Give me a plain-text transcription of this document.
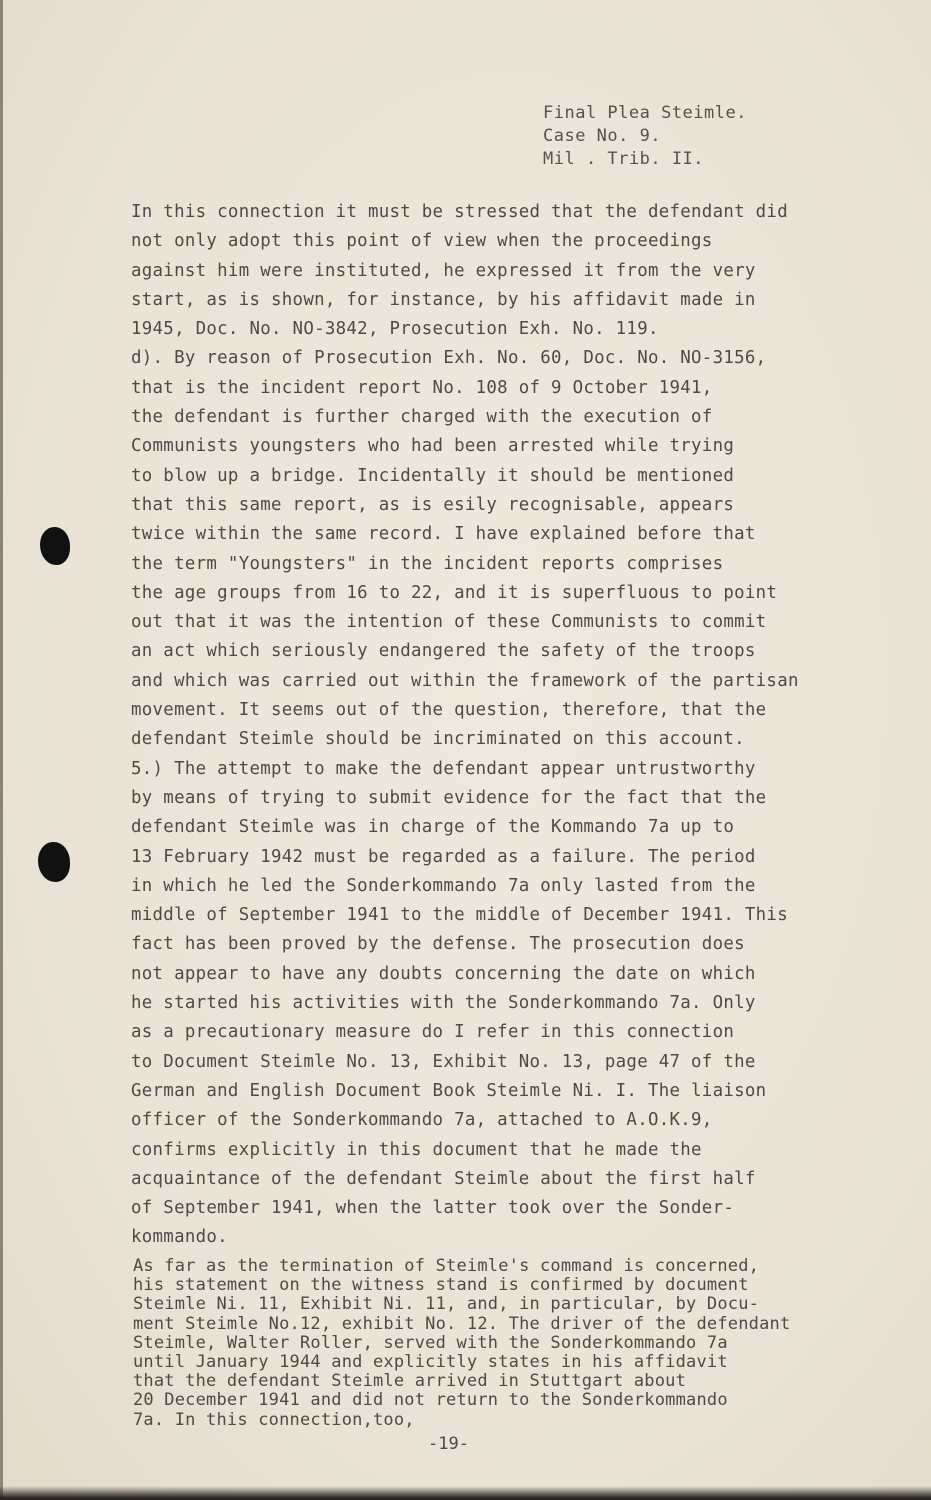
Final Plea Steimle.
Case No. 9.
Mil . Trib. II.
In this connection it must be stressed that the defendant did
not only adopt this point of view when the proceedings
against him were instituted, he expressed it from the very
start, as is shown, for instance, by his affidavit made in
1945, Doc. No. NO-3842, Prosecution Exh. No. 119.
d). By reason of Prosecution Exh. No. 60, Doc. No. NO-3156,
that is the incident report No. 108 of 9 October 1941,
the defendant is further charged with the execution of
Communists youngsters who had been arrested while trying
to blow up a bridge. Incidentally it should be mentioned
that this same report, as is esily recognisable, appears
twice within the same record. I have explained before that
the term "Youngsters" in the incident reports comprises
the age groups from 16 to 22, and it is superfluous to point
out that it was the intention of these Communists to commit
an act which seriously endangered the safety of the troops
and which was carried out within the framework of the partisan
movement. It seems out of the question, therefore, that the
defendant Steimle should be incriminated on this account.
5.) The attempt to make the defendant appear untrustworthy
by means of trying to submit evidence for the fact that the
defendant Steimle was in charge of the Kommando 7a up to
13 February 1942 must be regarded as a failure. The period
in which he led the Sonderkommando 7a only lasted from the
middle of September 1941 to the middle of December 1941. This
fact has been proved by the defense. The prosecution does
not appear to have any doubts concerning the date on which
he started his activities with the Sonderkommando 7a. Only
as a precautionary measure do I refer in this connection
to Document Steimle No. 13, Exhibit No. 13, page 47 of the
German and English Document Book Steimle Ni. I. The liaison
officer of the Sonderkommando 7a, attached to A.O.K.9,
confirms explicitly in this document that he made the
acquaintance of the defendant Steimle about the first half
of September 1941, when the latter took over the Sonder-
kommando.
As far as the termination of Steimle's command is concerned,
his statement on the witness stand is confirmed by document
Steimle Ni. 11, Exhibit Ni. 11, and, in particular, by Docu-
ment Steimle No.12, exhibit No. 12. The driver of the defendant
Steimle, Walter Roller, served with the Sonderkommando 7a
until January 1944 and explicitly states in his affidavit
that the defendant Steimle arrived in Stuttgart about
20 December 1941 and did not return to the Sonderkommando
7a. In this connection,too,
-19-
